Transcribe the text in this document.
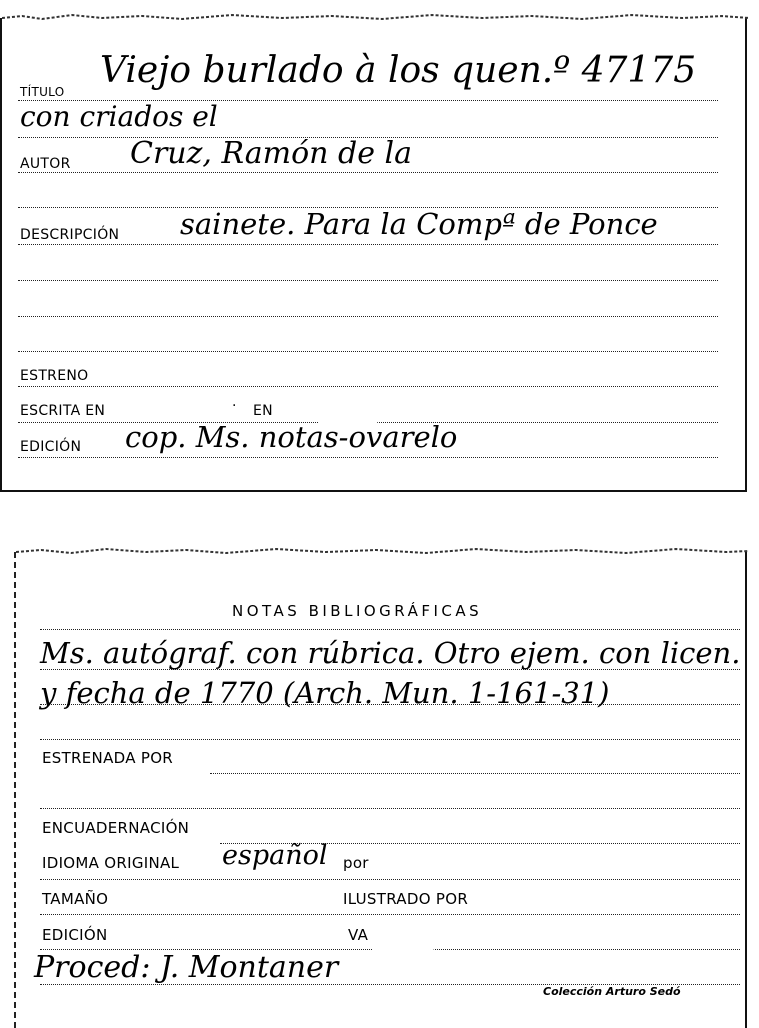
TÍTULO
Viejo burlado à los quen.º 47175
con criados el
AUTOR Cruz, Ramón de la
DESCRIPCIÓN sainete. Para la Compª de Ponce
ESTRENO
ESCRITA EN	· EN
EDICIÓN cop. Ms. notas-ovarelo
NOTAS BIBLIOGRÁFICAS
Ms. autógraf. con rúbrica. Otro ejem. con licen.
y fecha de 1770 (Arch. Mun. 1-161-31)
ESTRENADA POR
ENCUADERNACIÓN
IDIOMA ORIGINAL español por
TAMAÑO	ILUSTRADO POR
EDICIÓN	VA
Proced: J. Montaner
Colección Arturo Sedó
